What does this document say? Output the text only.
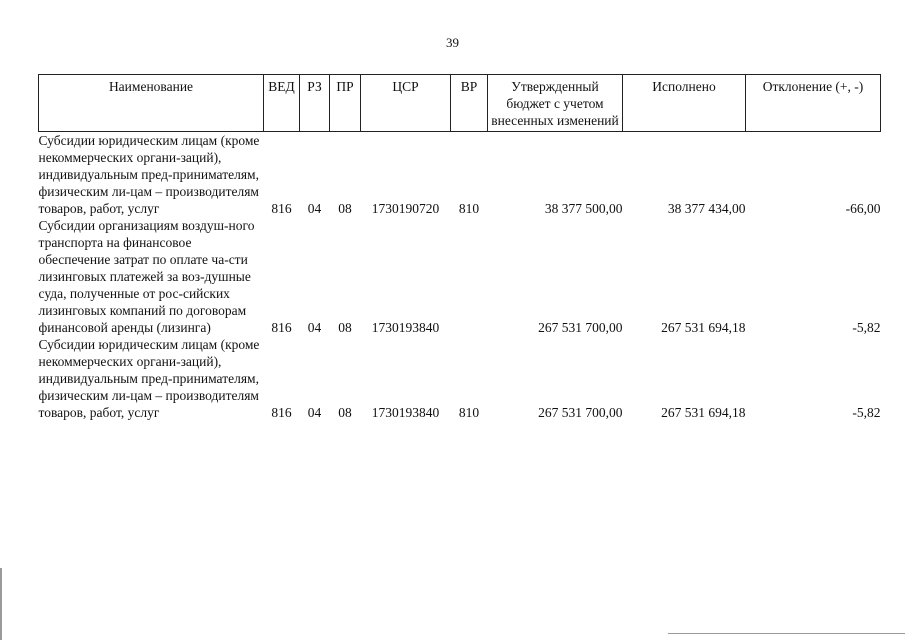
39
Наименование	ВЕД	РЗ	ПР	ЦСР	ВР	Утвержденный бюджет с учетом внесенных изменений	Исполнено	Отклонение (+, -)
Субсидии юридическим лицам (кроме некоммерческих органи-заций), индивидуальным пред-принимателям, физическим ли-цам – производителям товаров, работ, услуг	816	04	08	1730190720	810	38 377 500,00	38 377 434,00	-66,00
Субсидии организациям воздуш-ного транспорта на финансовое обеспечение затрат по оплате ча-сти лизинговых платежей за воз-душные суда, полученные от рос-сийских лизинговых компаний по договорам финансовой аренды (лизинга)	816	04	08	1730193840		267 531 700,00	267 531 694,18	-5,82
Субсидии юридическим лицам (кроме некоммерческих органи-заций), индивидуальным пред-принимателям, физическим ли-цам – производителям товаров, работ, услуг	816	04	08	1730193840	810	267 531 700,00	267 531 694,18	-5,82
